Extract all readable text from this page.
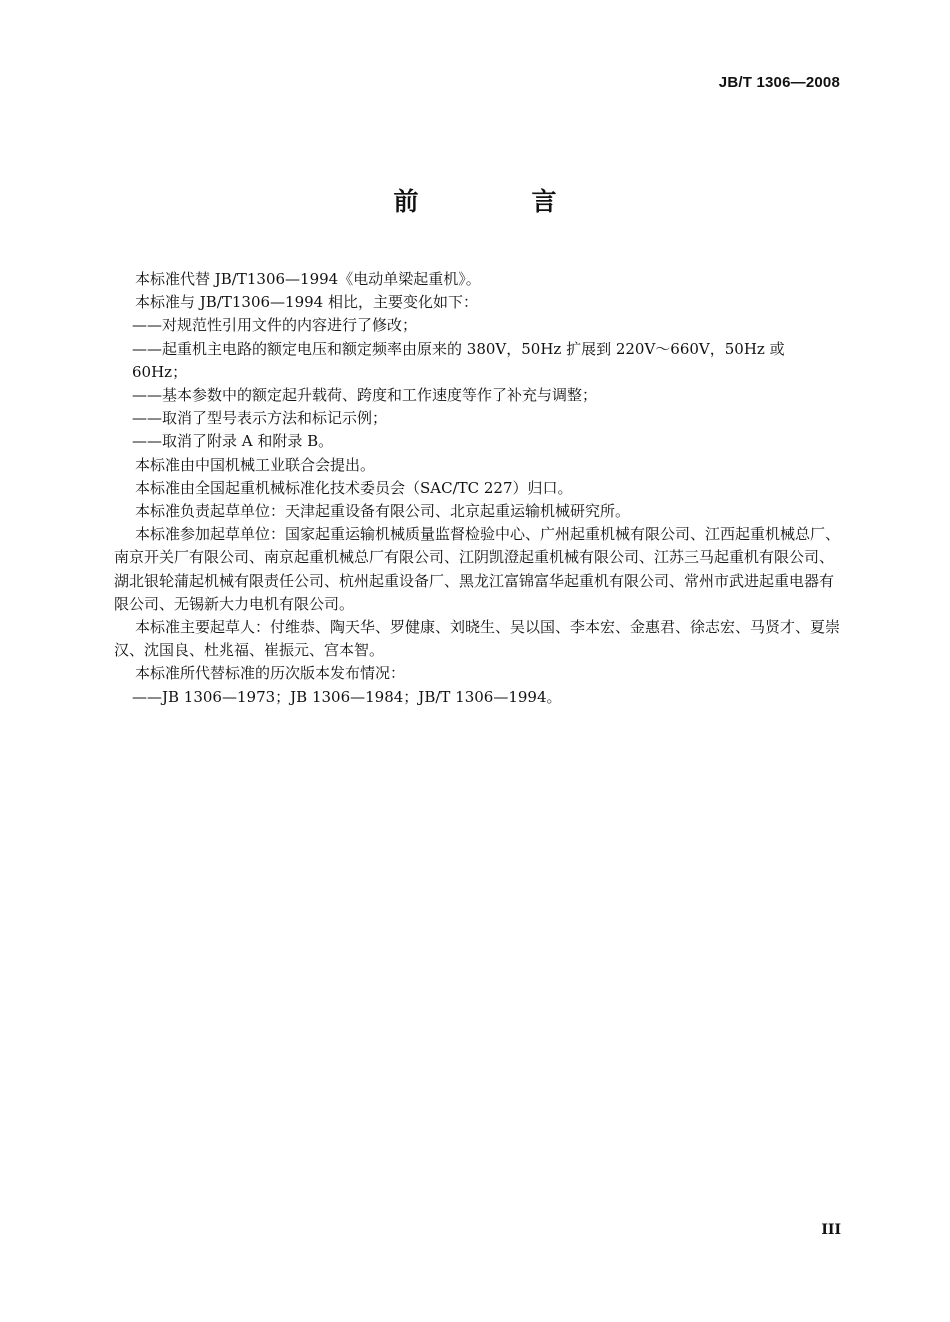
JB/T 1306—2008
前　言

本标准代替 JB/T1306—1994《电动单梁起重机》。

本标准与 JB/T1306—1994 相比，主要变化如下：

——对规范性引用文件的内容进行了修改；

——起重机主电路的额定电压和额定频率由原来的 380V，50Hz 扩展到 220V～660V，50Hz 或 60Hz；

——基本参数中的额定起升载荷、跨度和工作速度等作了补充与调整；

——取消了型号表示方法和标记示例；

——取消了附录 A 和附录 B。

本标准由中国机械工业联合会提出。

本标准由全国起重机械标准化技术委员会（SAC/TC 227）归口。

本标准负责起草单位：天津起重设备有限公司、北京起重运输机械研究所。

本标准参加起草单位：国家起重运输机械质量监督检验中心、广州起重机械有限公司、江西起重机械总厂、南京开关厂有限公司、南京起重机械总厂有限公司、江阴凯澄起重机械有限公司、江苏三马起重机有限公司、湖北银轮蒲起机械有限责任公司、杭州起重设备厂、黑龙江富锦富华起重机有限公司、常州市武进起重电器有限公司、无锡新大力电机有限公司。

本标准主要起草人：付维恭、陶天华、罗健康、刘晓生、吴以国、李本宏、金惠君、徐志宏、马贤才、夏崇汉、沈国良、杜兆福、崔振元、宫本智。

本标准所代替标准的历次版本发布情况：

——JB 1306—1973；JB 1306—1984；JB/T 1306—1994。

III
